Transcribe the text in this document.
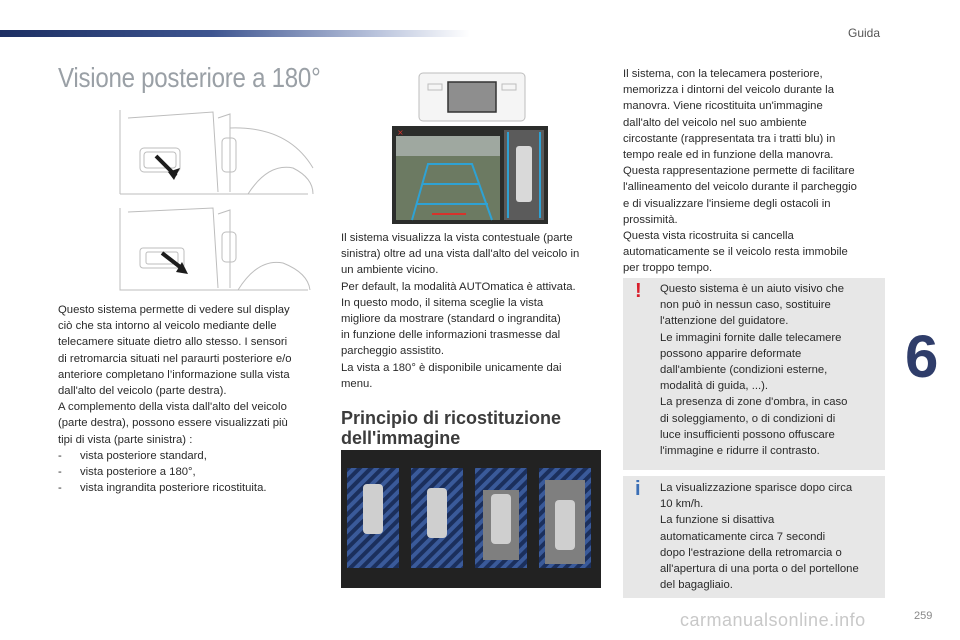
Guida
Visione posteriore a 180°
×

Questo sistema permette di vedere sul display

ciò che sta intorno al veicolo mediante delle

telecamere situate dietro allo stesso. I sensori

di retromarcia situati nel paraurti posteriore e/o

anteriore completano l’informazione sulla vista

dall'alto del veicolo (parte destra).

A complemento della vista dall'alto del veicolo

(parte destra), possono essere visualizzati più

tipi di vista (parte sinistra) :

-	vista posteriore standard,
-	vista posteriore a 180°,
-	vista ingrandita posteriore ricostituita.

Il sistema visualizza la vista contestuale (parte

sinistra) oltre ad una vista dall'alto del veicolo in

un ambiente vicino.

Per default, la modalità AUTOmatica è attivata.

In questo modo, il sitema sceglie la vista

migliore da mostrare (standard o ingrandita)

in funzione delle informazioni trasmesse dal

parcheggio assistito.

La vista a 180° è disponibile unicamente dai

menu.

Principio di ricostituzione
dell'immagine

Il sistema, con la telecamera posteriore,

memorizza i dintorni del veicolo durante la

manovra. Viene ricostituita un'immagine

dall'alto del veicolo nel suo ambiente

circostante (rappresentata tra i tratti blu) in

tempo reale ed in funzione della manovra.

Questa rappresentazione permette di facilitare

l'allineamento del veicolo durante il parcheggio

e di visualizzare l'insieme degli ostacoli in

prossimità.

Questa vista ricostruita si cancella

automaticamente se il veicolo resta immobile

per troppo tempo.

! Questo sistema è un aiuto visivo che

non può in nessun caso, sostituire

l'attenzione del guidatore.

Le immagini fornite dalle telecamere

possono apparire deformate

dall'ambiente (condizioni esterne,

modalità di guida, ...).

La presenza di zone d'ombra, in caso

di soleggiamento, o di condizioni di

luce insufficienti possono offuscare

l'immagine e ridurre il contrasto.

i La visualizzazione sparisce dopo circa

10 km/h.

La funzione si disattiva

automaticamente circa 7 secondi

dopo l'estrazione della retromarcia o

all'apertura di una porta o del portellone

del bagagliaio.

6
carmanualsonline.info	259
